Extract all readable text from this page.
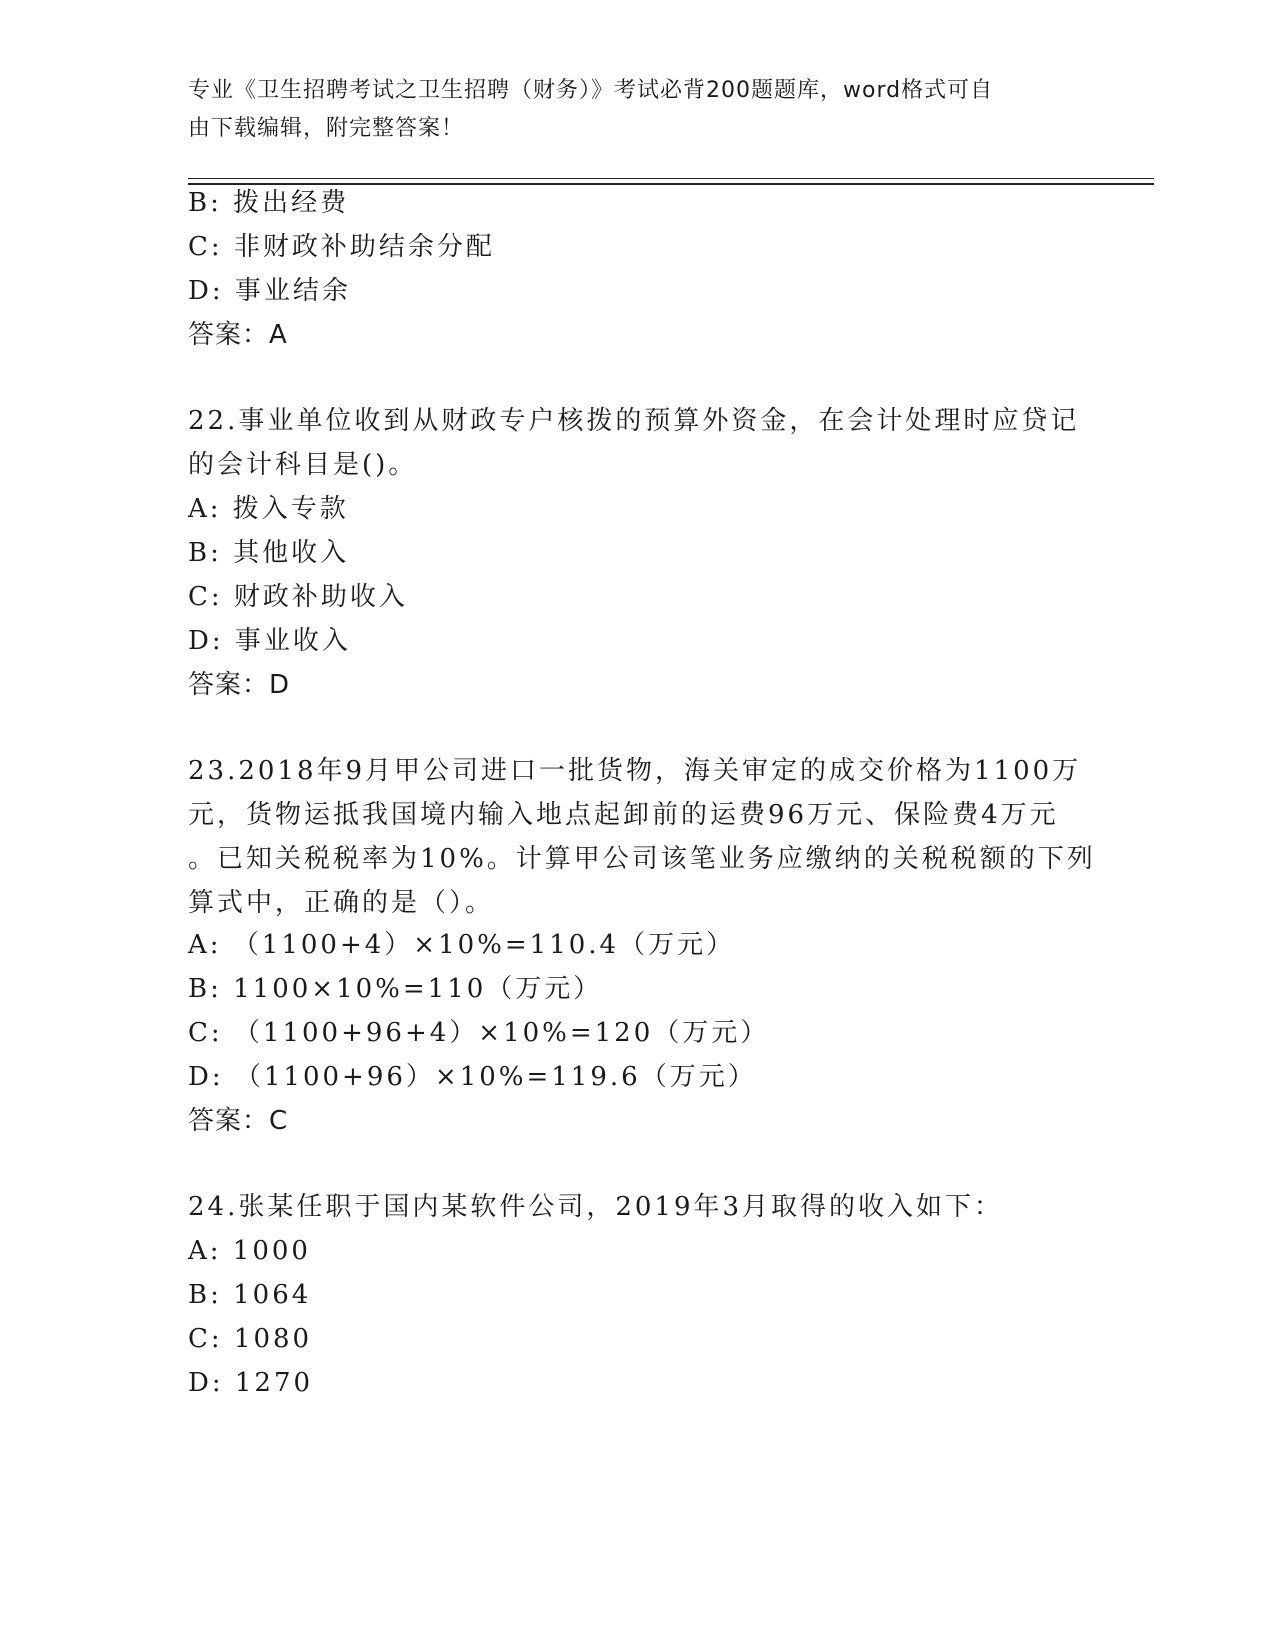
专业《卫生招聘考试之卫生招聘（财务）》考试必背200题题库，word格式可自
由下载编辑，附完整答案！
B: 拨出经费
C: 非财政补助结余分配
D: 事业结余
答案：A
22.事业单位收到从财政专户核拨的预算外资金，在会计处理时应贷记
的会计科目是()。
A: 拨入专款
B: 其他收入
C: 财政补助收入
D: 事业收入
答案：D
23.2018年9月甲公司进口一批货物，海关审定的成交价格为1100万
元，货物运抵我国境内输入地点起卸前的运费96万元、保险费4万元
。已知关税税率为10%。计算甲公司该笔业务应缴纳的关税税额的下列
算式中，正确的是（）。
A: （1100+4）×10%=110.4（万元）
B: 1100×10%=110（万元）
C: （1100+96+4）×10%=120（万元）
D: （1100+96）×10%=119.6（万元）
答案：C
24.张某任职于国内某软件公司，2019年3月取得的收入如下：
A: 1000
B: 1064
C: 1080
D: 1270
